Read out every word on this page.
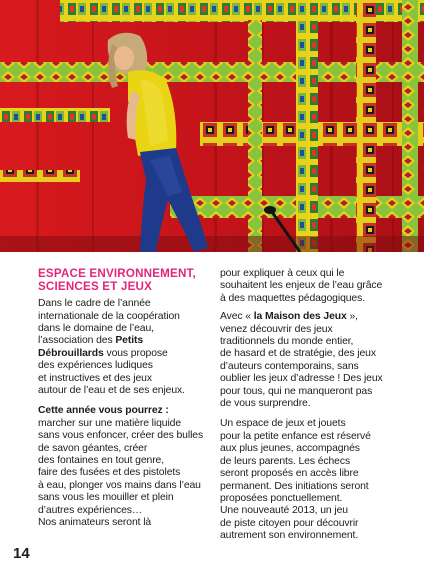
ESPACE ENVIRONNEMENT,
SCIENCES ET JEUX

Dans le cadre de l’année
internationale de la coopération
dans le domaine de l’eau,
l’association des Petits
Débrouillards vous propose
des expériences ludiques
et instructives et des jeux
autour de l’eau et de ses enjeux.

Cette année vous pourrez :
marcher sur une matière liquide
sans vous enfoncer, créer des bulles
de savon géantes, créer
des fontaines en tout genre,
faire des fusées et des pistolets
à eau, plonger vos mains dans l’eau
sans vous les mouiller et plein
d’autres expériences…
Nos animateurs seront là

pour expliquer à ceux qui le
souhaitent les enjeux de l’eau grâce
à des maquettes pédagogiques.

Avec « la Maison des Jeux »,
venez découvrir des jeux
traditionnels du monde entier,
de hasard et de stratégie, des jeux
d’auteurs contemporains, sans
oublier les jeux d’adresse ! Des jeux
pour tous, qui ne manqueront pas
de vous surprendre.

Un espace de jeux et jouets
pour la petite enfance est réservé
aux plus jeunes, accompagnés
de leurs parents. Les échecs
seront proposés en accès libre
permanent. Des initiations seront
proposées ponctuellement.
Une nouveauté 2013, un jeu
de piste citoyen pour découvrir
autrement son environnement.

14
